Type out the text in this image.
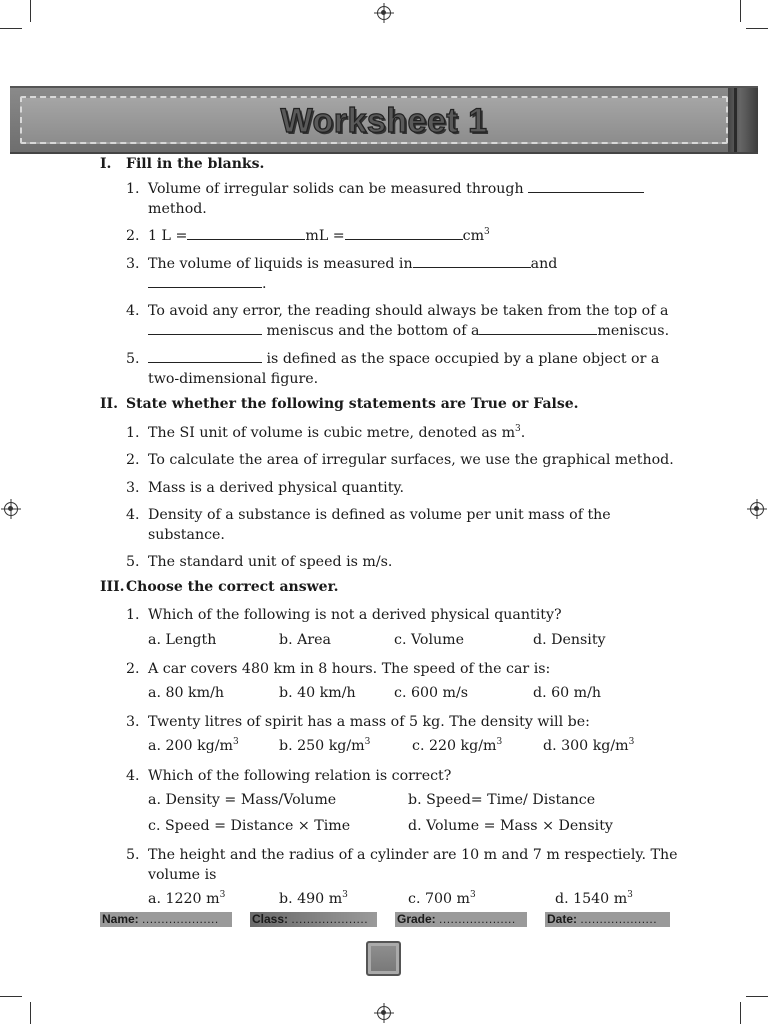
Worksheet 1
I. Fill in the blanks.
1. Volume of irregular solids can be measured through
method.
2. 1 L =	mL =	$cm^3$
3. The volume of liquids is measured in	and
.
4. To avoid any error, the reading should always be taken from the top of a
meniscus and the bottom of a	meniscus.
5.	is defined as the space occupied by a plane object or a
two-dimensional figure.
II. State whether the following statements are True or False.
1. The SI unit of volume is cubic metre, denoted as $m^3$.
2. To calculate the area of irregular surfaces, we use the graphical method.
3. Mass is a derived physical quantity.
4. Density of a substance is defined as volume per unit mass of the
substance.
5. The standard unit of speed is m/s.
III. Choose the correct answer.
1. Which of the following is not a derived physical quantity?
a. Length	b. Area	c. Volume	d. Density
2. A car covers 480 km in 8 hours. The speed of the car is:
a. 80 km/h	b. 40 km/h	c. 600 m/s	d. 60 m/h
3. Twenty litres of spirit has a mass of 5 kg. The density will be:
a. 200 $kg/m^3$	b. 250 $kg/m^3$	c. 220 $kg/m^3$	d. 300 $kg/m^3$
4. Which of the following relation is correct?
a. Density = Mass/Volume	b. Speed= Time/ Distance
c. Speed = Distance × Time	d. Volume = Mass × Density
5. The height and the radius of a cylinder are 10 m and 7 m respectiely. The
volume is
a. 1220 $m^3$	b. 490 $m^3$	c. 700 $m^3$	d. 1540 $m^3$
Name: ....................	Class: ....................	Grade: ....................	Date: ....................
